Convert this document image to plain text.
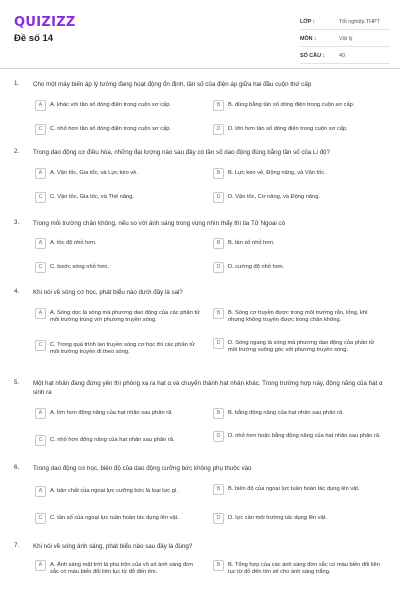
QUIZIZZ
Đề số 14
LỚP :	Tốt nghiệp THPT
MÔN :	Vật lý
SỐ CÂU :	40
1. Cho một máy biến áp lý tưởng đang hoạt động ổn định, tần số của điện áp giữa hai đầu cuộn thứ cấp
A	A. khác với tần số dòng điện trong cuộn sơ cấp.	B	B. đúng bằng tần số dòng điện trong cuộn sơ cấp.
C	C. nhỏ hơn tần số dòng điện trong cuộn sơ cấp.	D	D. lớn hơn tần số dòng điện trong cuộn sơ cấp.
2. Trong dao động cơ điều hòa, những đại lượng nào sau đây có tần số dao động đúng bằng tần số của Li độ?
A	A. Vận tốc, Gia tốc, và Lực kéo về.	B	B. Lực kéo về, Động năng, và Vận tốc.
C	C. Vận tốc, Gia tốc, và Thế năng.	D	D. Vận tốc, Cơ năng, và Động năng.
3. Trong môi trường chân không, nếu so với ánh sáng trong vùng nhìn thấy thì tia Tử Ngoại có
A	A. tốc độ nhỏ hơn.	B	B. tần số nhỏ hơn.
C	C. bước sóng nhỏ hơn.	D	D. cường độ nhỏ hơn.
4. Khi nói về sóng cơ học, phát biểu nào dưới đây là sai?
A	A. Sóng dọc là sóng mà phương dao động của các phần tử môi trường trùng với phương truyền sóng.
B	B. Sóng cơ truyền được trong môi trường rắn, lỏng, khí nhưng không truyền được trong chân không.
C	C. Trong quá trình lan truyền sóng cơ học thì các phần tử môi trường truyền đi theo sóng.
D	D. Sóng ngang là sóng mà phương dao động của phần tử môi trường vuông góc với phương truyền sóng.
5. Một hạt nhân đang đứng yên thì phóng xạ ra hạt α và chuyển thành hạt nhân khác. Trong trường hợp này, động năng của hạt α sinh ra
A	A. lớn hơn động năng của hạt nhân sau phân rã.	B	B. bằng động năng của hạt nhân sau phân rã.
C	C. nhỏ hơn động năng của hạt nhân sau phân rã.
D	D. nhỏ hơn hoặc bằng động năng của hạt nhân sau phân rã.
6. Trong dao động cơ học, biên độ của dao động cưỡng bức không phụ thuộc vào
A	A. bản chất của ngoại lực cưỡng bức là loại lực gì.	B	B. biên độ của ngoại lực tuần hoàn tác dụng lên vật.
C	C. tần số của ngoại lực tuần hoàn tác dụng lên vật.	D	D. lực cản môi trường tác dụng lên vật.
7. Khi nói về sóng ánh sáng, phát biểu nào sau đây là đúng?
A	A. Ánh sáng mặt trời là pha trộn của vô số ánh sáng đơn sắc có màu biến đổi liên tục từ đỏ đến tím.
B	B. Tổng hợp của các ánh sáng đơn sắc có màu biến đổi liên tục từ đỏ đến tím sẽ cho ánh sáng trắng.
